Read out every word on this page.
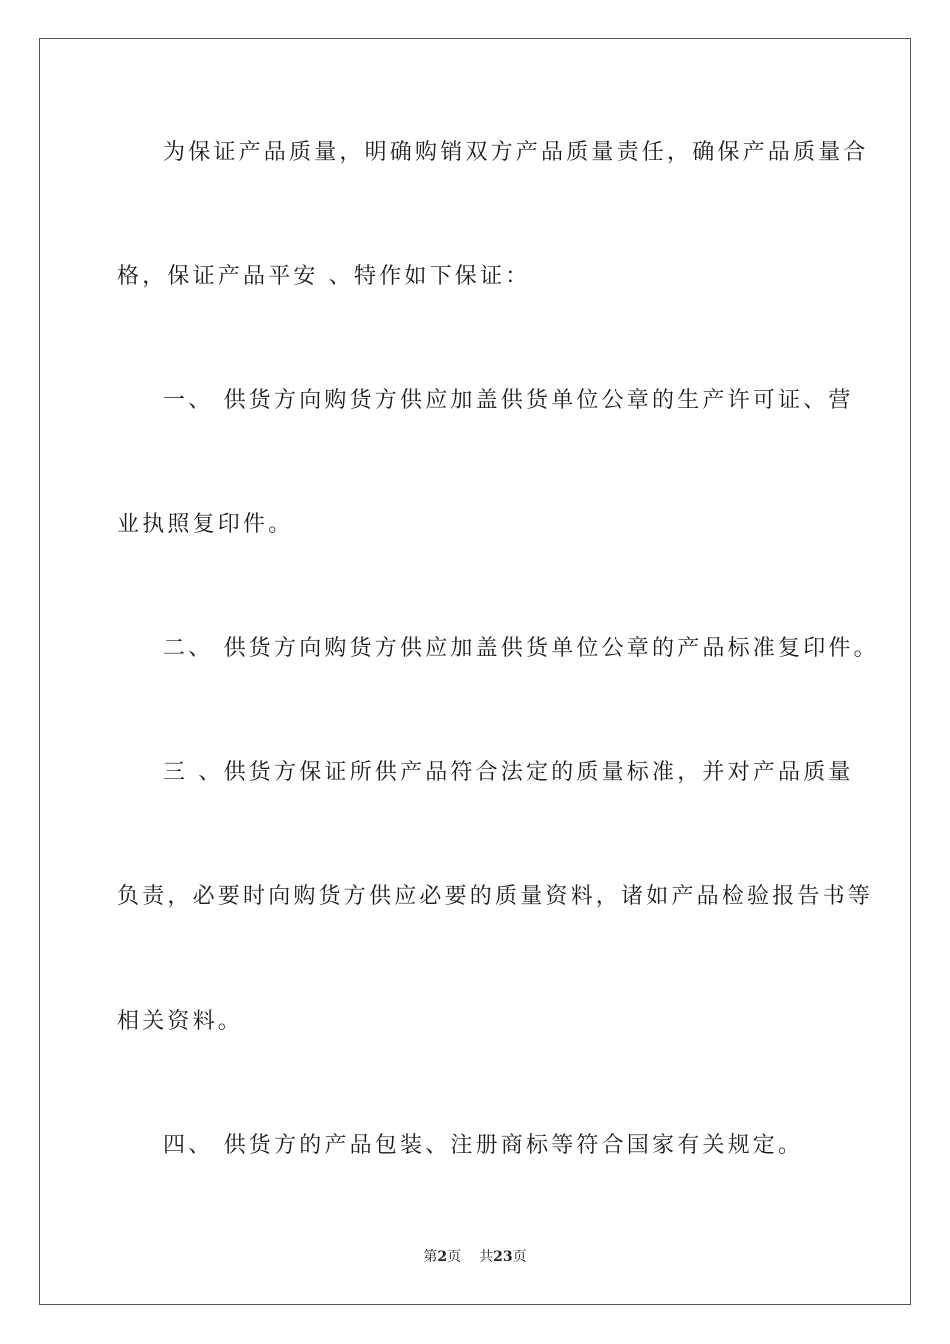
为保证产品质量，明确购销双方产品质量责任，确保产品质量合
格，保证产品平安 、特作如下保证：
一、 供货方向购货方供应加盖供货单位公章的生产许可证、营
业执照复印件。
二、 供货方向购货方供应加盖供货单位公章的产品标准复印件。
三 、供货方保证所供产品符合法定的质量标准，并对产品质量
负责，必要时向购货方供应必要的质量资料，诸如产品检验报告书等
相关资料。
四、 供货方的产品包装、注册商标等符合国家有关规定。
第2页 共23页
